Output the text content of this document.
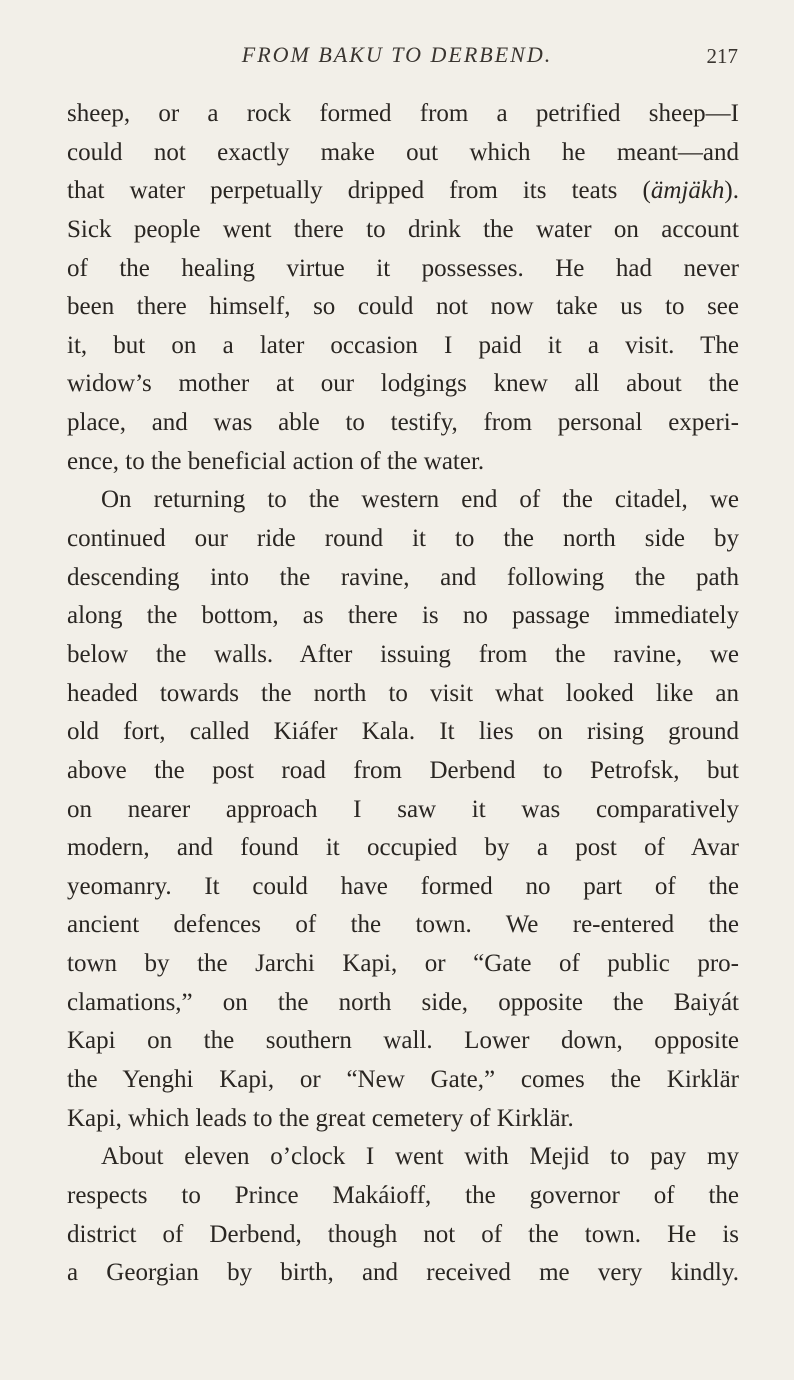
FROM BAKU TO DERBEND.	217
sheep, or a rock formed from a petrified sheep—I
could not exactly make out which he meant—and
that water perpetually dripped from its teats (ämjäkh).
Sick people went there to drink the water on account
of the healing virtue it possesses. He had never
been there himself, so could not now take us to see
it, but on a later occasion I paid it a visit. The
widow’s mother at our lodgings knew all about the
place, and was able to testify, from personal experi-
ence, to the beneficial action of the water.
On returning to the western end of the citadel, we
continued our ride round it to the north side by
descending into the ravine, and following the path
along the bottom, as there is no passage immediately
below the walls. After issuing from the ravine, we
headed towards the north to visit what looked like an
old fort, called Kiáfer Kala. It lies on rising ground
above the post road from Derbend to Petrofsk, but
on nearer approach I saw it was comparatively
modern, and found it occupied by a post of Avar
yeomanry. It could have formed no part of the
ancient defences of the town. We re-entered the
town by the Jarchi Kapi, or “Gate of public pro-
clamations,” on the north side, opposite the Baiyát
Kapi on the southern wall. Lower down, opposite
the Yenghi Kapi, or “New Gate,” comes the Kirklär
Kapi, which leads to the great cemetery of Kirklär.
About eleven o’clock I went with Mejid to pay my
respects to Prince Makáioff, the governor of the
district of Derbend, though not of the town. He is
a Georgian by birth, and received me very kindly.
